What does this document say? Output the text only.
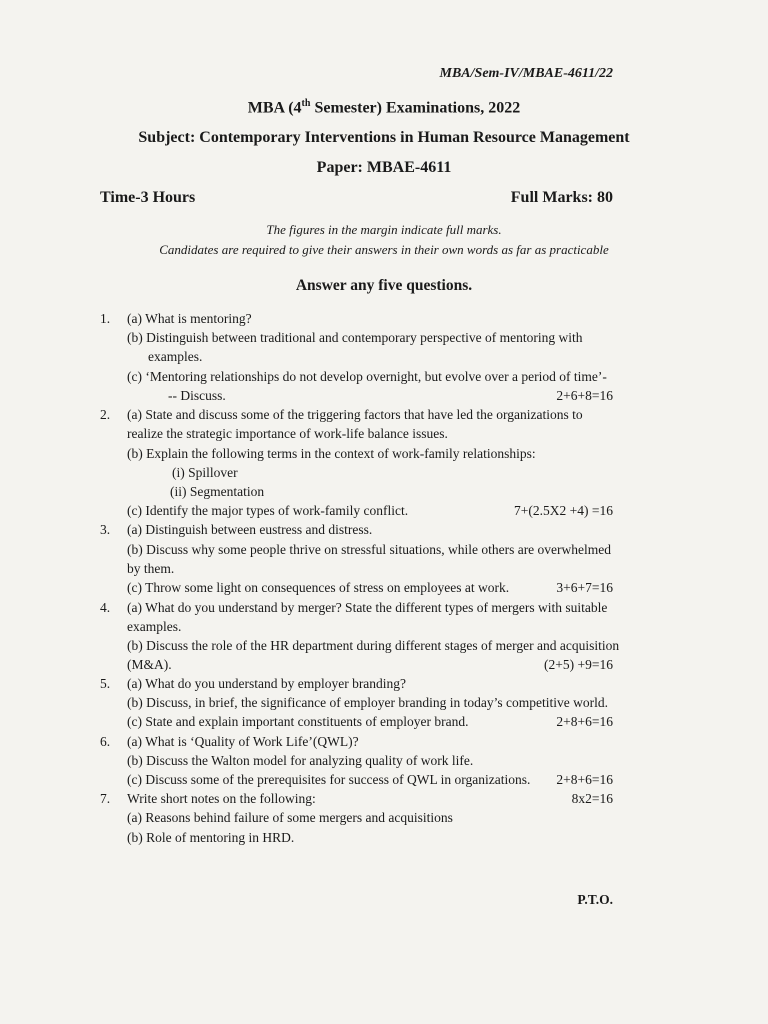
MBA/Sem-IV/MBAE-4611/22
MBA (4th Semester) Examinations, 2022
Subject: Contemporary Interventions in Human Resource Management
Paper: MBAE-4611
Time-3 Hours	Full Marks: 80
The figures in the margin indicate full marks.
Candidates are required to give their answers in their own words as far as practicable
Answer any five questions.
1. (a) What is mentoring?
(b) Distinguish between traditional and contemporary perspective of mentoring with
examples.
(c) ‘Mentoring relationships do not develop overnight, but evolve over a period of time’-
-- Discuss.	2+6+8=16
2. (a) State and discuss some of the triggering factors that have led the organizations to
realize the strategic importance of work-life balance issues.
(b) Explain the following terms in the context of work-family relationships:
(i) Spillover
(ii) Segmentation
(c) Identify the major types of work-family conflict.	7+(2.5X2 +4) =16
3. (a) Distinguish between eustress and distress.
(b) Discuss why some people thrive on stressful situations, while others are overwhelmed
by them.
(c) Throw some light on consequences of stress on employees at work.	3+6+7=16
4. (a) What do you understand by merger? State the different types of mergers with suitable
examples.
(b) Discuss the role of the HR department during different stages of merger and acquisition
(M&A).	(2+5) +9=16
5. (a) What do you understand by employer branding?
(b) Discuss, in brief, the significance of employer branding in today’s competitive world.
(c) State and explain important constituents of employer brand.	2+8+6=16
6. (a) What is ‘Quality of Work Life’(QWL)?
(b) Discuss the Walton model for analyzing quality of work life.
(c) Discuss some of the prerequisites for success of QWL in organizations. 2+8+6=16
7. Write short notes on the following:	8x2=16
(a) Reasons behind failure of some mergers and acquisitions
(b) Role of mentoring in HRD.
P.T.O.
